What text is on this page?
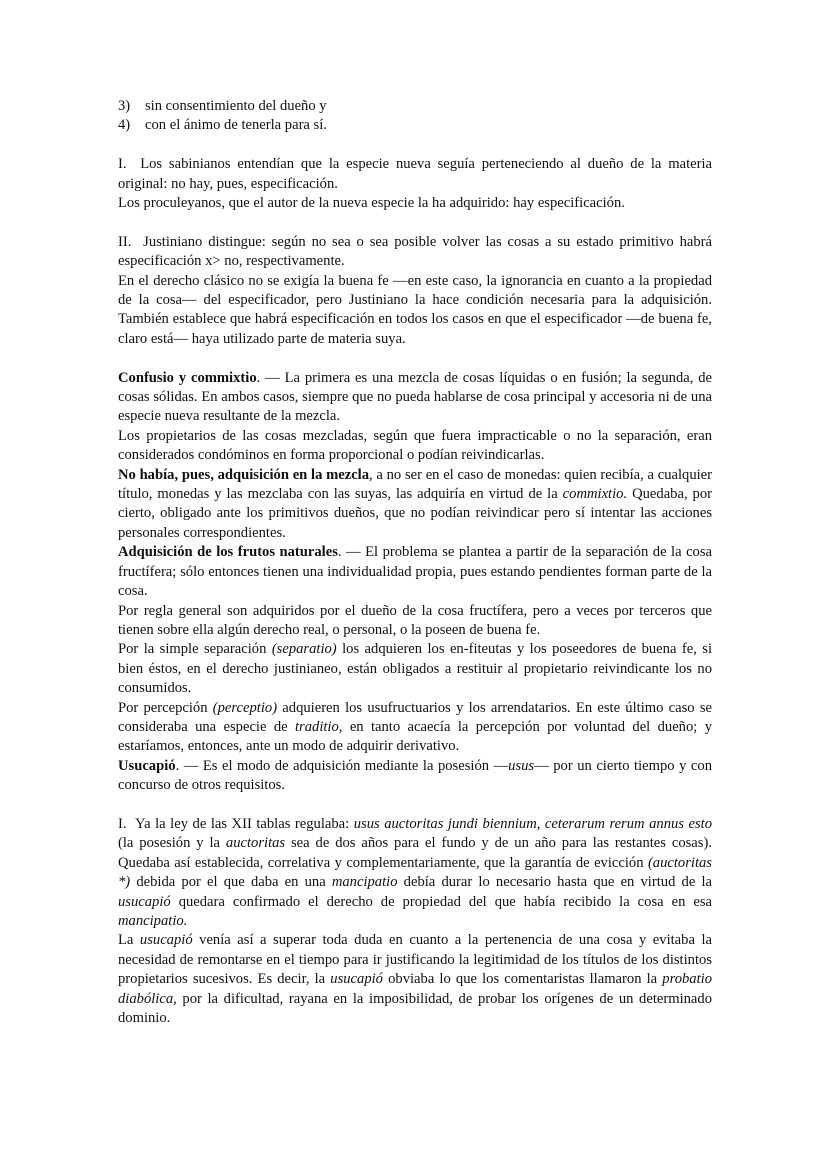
3) sin consentimiento del dueño y

4) con el ánimo de tenerla para sí.

I. Los sabinianos entendían que la especie nueva seguía perteneciendo al dueño de la materia original: no hay, pues, especificación.

Los proculeyanos, que el autor de la nueva especie la ha adquirido: hay especificación.

II. Justiniano distingue: según no sea o sea posible volver las cosas a su estado primitivo habrá especificación x> no, respectivamente.

En el derecho clásico no se exigía la buena fe —en este caso, la ignorancia en cuanto a la propiedad de la cosa— del especificador, pero Justiniano la hace condición necesaria para la adquisición. También establece que habrá especificación en todos los casos en que el especificador —de buena fe, claro está— haya utilizado parte de materia suya.

Confusio y commixtio. — La primera es una mezcla de cosas líquidas o en fusión; la segunda, de cosas sólidas. En ambos casos, siempre que no pueda hablarse de cosa principal y accesoria ni de una especie nueva resultante de la mezcla.

Los propietarios de las cosas mezcladas, según que fuera impracticable o no la separación, eran considerados condóminos en forma proporcional o podían reivindicarlas.

No había, pues, adquisición en la mezcla, a no ser en el caso de monedas: quien recibía, a cualquier título, monedas y las mezclaba con las suyas, las adquiría en virtud de la commixtio. Quedaba, por cierto, obligado ante los primitivos dueños, que no podían reivindicar pero sí intentar las acciones personales correspondientes.

Adquisición de los frutos naturales. — El problema se plantea a partir de la separación de la cosa fructífera; sólo entonces tienen una individualidad propia, pues estando pendientes forman parte de la cosa.

Por regla general son adquiridos por el dueño de la cosa fructífera, pero a veces por terceros que tienen sobre ella algún derecho real, o personal, o la poseen de buena fe.

Por la simple separación (separatio) los adquieren los en-fiteutas y los poseedores de buena fe, si bien éstos, en el derecho justinianeo, están obligados a restituir al propietario reivindicante los no consumidos.

Por percepción (perceptio) adquieren los usufructuarios y los arrendatarios. En este último caso se consideraba una especie de traditio, en tanto acaecía la percepción por voluntad del dueño; y estaríamos, entonces, ante un modo de adquirir derivativo.

Usucapió. — Es el modo de adquisición mediante la posesión —usus— por un cierto tiempo y con concurso de otros requisitos.

I. Ya la ley de las XII tablas regulaba: usus auctoritas jundi biennium, ceterarum rerum annus esto (la posesión y la auctoritas sea de dos años para el fundo y de un año para las restantes cosas). Quedaba así establecida, correlativa y complementariamente, que la garantía de evicción (auctoritas *) debida por el que daba en una mancipatio debía durar lo necesario hasta que en virtud de la usucapió quedara confirmado el derecho de propiedad del que había recibido la cosa en esa mancipatio.

La usucapió venía así a superar toda duda en cuanto a la pertenencia de una cosa y evitaba la necesidad de remontarse en el tiempo para ir justificando la legitimidad de los títulos de los distintos propietarios sucesivos. Es decir, la usucapió obviaba lo que los comentaristas llamaron la probatio diabólica, por la dificultad, rayana en la imposibilidad, de probar los orígenes de un determinado dominio.
